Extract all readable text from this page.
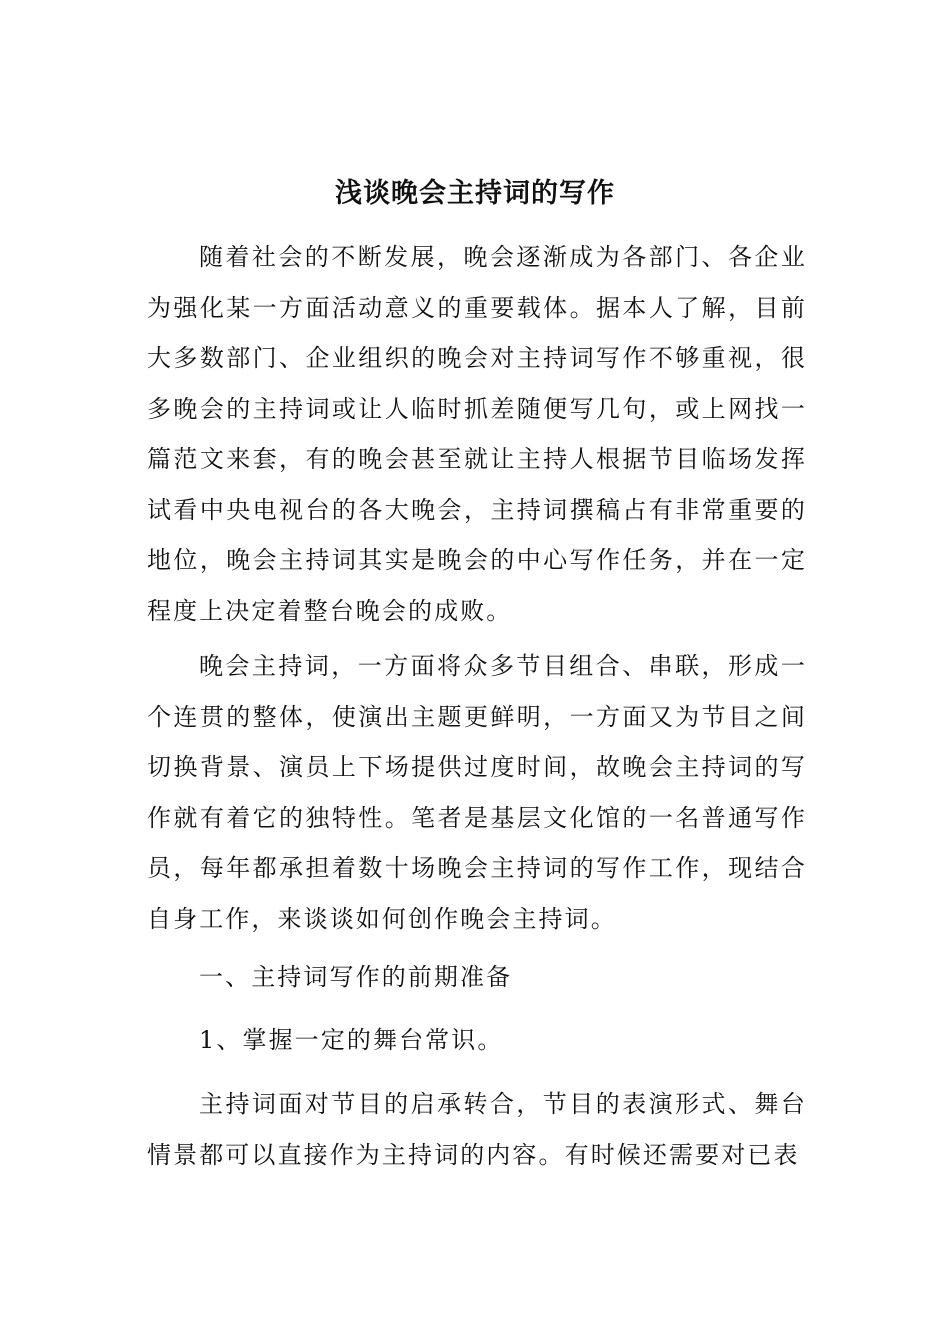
浅谈晚会主持词的写作

随着社会的不断发展，晚会逐渐成为各部门、各企业为强化某一方面活动意义的重要载体。据本人了解，目前大多数部门、企业组织的晚会对主持词写作不够重视，很多晚会的主持词或让人临时抓差随便写几句，或上网找一篇范文来套，有的晚会甚至就让主持人根据节目临场发挥试看中央电视台的各大晚会，主持词撰稿占有非常重要的地位，晚会主持词其实是晚会的中心写作任务，并在一定程度上决定着整台晚会的成败。

晚会主持词，一方面将众多节目组合、串联，形成一个连贯的整体，使演出主题更鲜明，一方面又为节目之间切换背景、演员上下场提供过度时间，故晚会主持词的写作就有着它的独特性。笔者是基层文化馆的一名普通写作员，每年都承担着数十场晚会主持词的写作工作，现结合自身工作，来谈谈如何创作晚会主持词。

一、主持词写作的前期准备

1、掌握一定的舞台常识。

主持词面对节目的启承转合，节目的表演形式、舞台情景都可以直接作为主持词的内容。有时候还需要对已表
